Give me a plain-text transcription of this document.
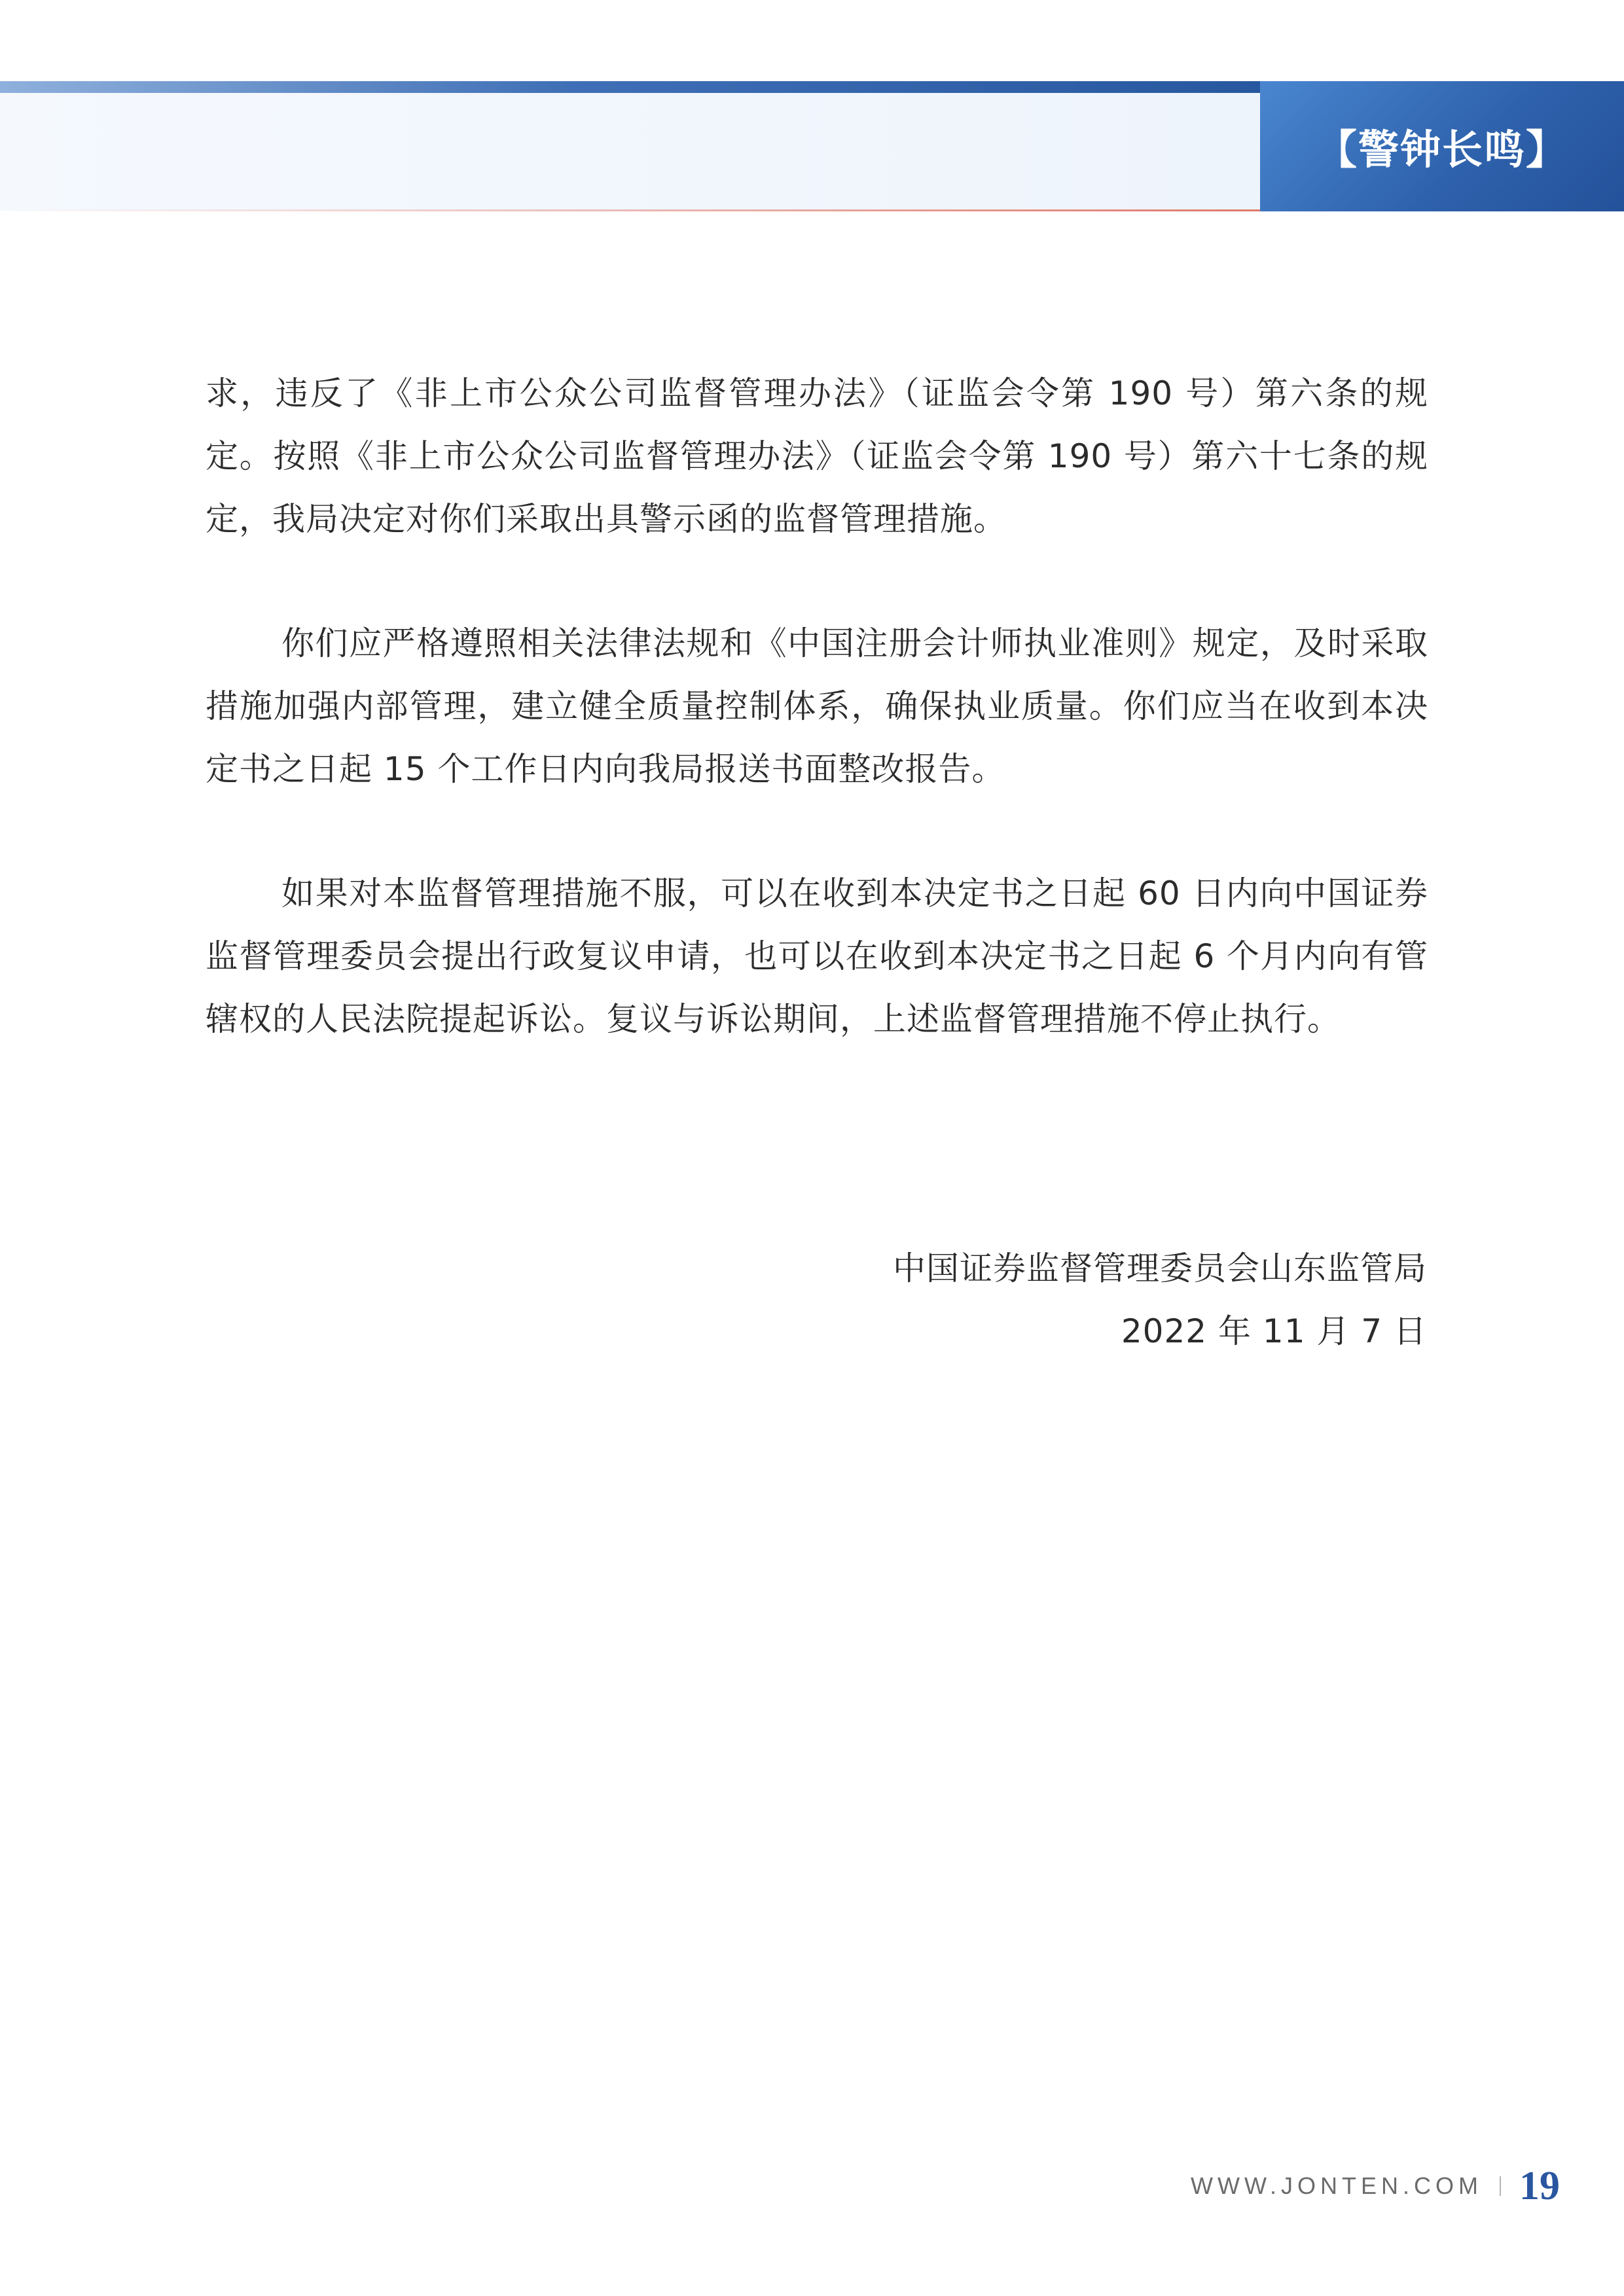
【警钟长鸣】

求，违反了《非上市公众公司监督管理办法》（证监会令第 190 号）第六条的规定。按照《非上市公众公司监督管理办法》（证监会令第 190 号）第六十七条的规定，我局决定对你们采取出具警示函的监督管理措施。

你们应严格遵照相关法律法规和《中国注册会计师执业准则》规定，及时采取措施加强内部管理，建立健全质量控制体系，确保执业质量。你们应当在收到本决定书之日起 15 个工作日内向我局报送书面整改报告。

如果对本监督管理措施不服，可以在收到本决定书之日起 60 日内向中国证券监督管理委员会提出行政复议申请，也可以在收到本决定书之日起 6 个月内向有管辖权的人民法院提起诉讼。复议与诉讼期间，上述监督管理措施不停止执行。

中国证券监督管理委员会山东监管局
2022 年 11 月 7 日
WWW.JONTEN.COM 19
